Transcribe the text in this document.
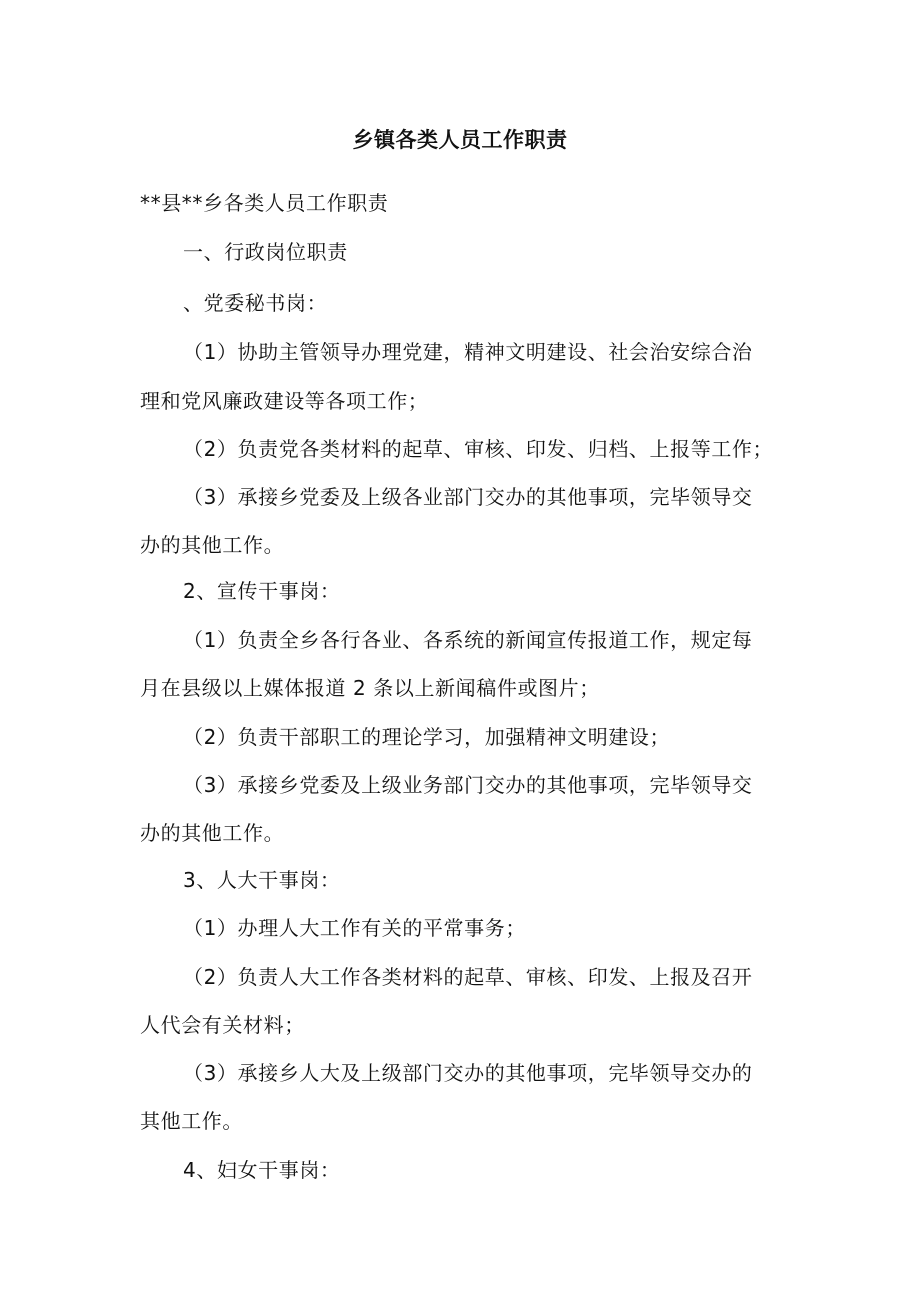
乡镇各类人员工作职责
**县**乡各类人员工作职责
一、行政岗位职责
、党委秘书岗：
（1）协助主管领导办理党建，精神文明建设、社会治安综合治
理和党风廉政建设等各项工作；
（2）负责党各类材料的起草、审核、印发、归档、上报等工作；
（3）承接乡党委及上级各业部门交办的其他事项，完毕领导交
办的其他工作。
2、宣传干事岗：
（1）负责全乡各行各业、各系统的新闻宣传报道工作，规定每
月在县级以上媒体报道 2 条以上新闻稿件或图片；
（2）负责干部职工的理论学习，加强精神文明建设；
（3）承接乡党委及上级业务部门交办的其他事项，完毕领导交
办的其他工作。
3、人大干事岗：
（1）办理人大工作有关的平常事务；
（2）负责人大工作各类材料的起草、审核、印发、上报及召开
人代会有关材料；
（3）承接乡人大及上级部门交办的其他事项，完毕领导交办的
其他工作。
4、妇女干事岗：
